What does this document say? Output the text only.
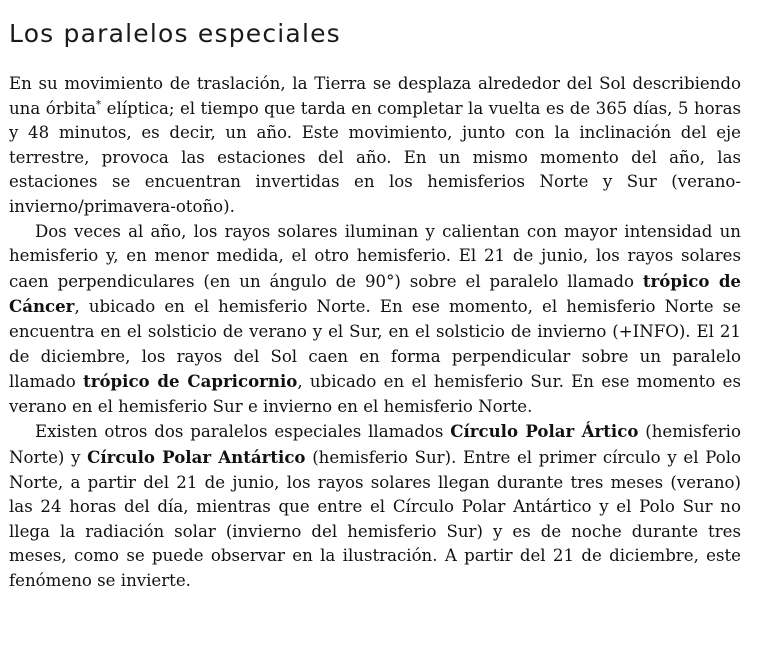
Los paralelos especiales

En su movimiento de traslación, la Tierra se desplaza alrededor del Sol describiendo una órbita* elíptica; el tiempo que tarda en completar la vuelta es de 365 días, 5 horas y 48 minutos, es decir, un año. Este movimiento, junto con la inclinación del eje terrestre, provoca las estaciones del año. En un mismo momento del año, las estaciones se encuentran invertidas en los hemisferios Norte y Sur (verano-invierno/primavera-otoño).

Dos veces al año, los rayos solares iluminan y calientan con mayor intensidad un hemisferio y, en menor medida, el otro hemisferio. El 21 de junio, los rayos solares caen perpendiculares (en un ángulo de 90°) sobre el paralelo llamado trópico de Cáncer, ubicado en el hemisferio Norte. En ese momento, el hemisferio Norte se encuentra en el solsticio de verano y el Sur, en el solsticio de invierno (+INFO). El 21 de diciembre, los rayos del Sol caen en forma perpendicular sobre un paralelo llamado trópico de Capricornio, ubicado en el hemisferio Sur. En ese momento es verano en el hemisferio Sur e invierno en el hemisferio Norte.

Existen otros dos paralelos especiales llamados Círculo Polar Ártico (hemisferio Norte) y Círculo Polar Antártico (hemisferio Sur). Entre el primer círculo y el Polo Norte, a partir del 21 de junio, los rayos solares llegan durante tres meses (verano) las 24 horas del día, mientras que entre el Círculo Polar Antártico y el Polo Sur no llega la radiación solar (invierno del hemisferio Sur) y es de noche durante tres meses, como se puede observar en la ilustración. A partir del 21 de diciembre, este fenómeno se invierte.
